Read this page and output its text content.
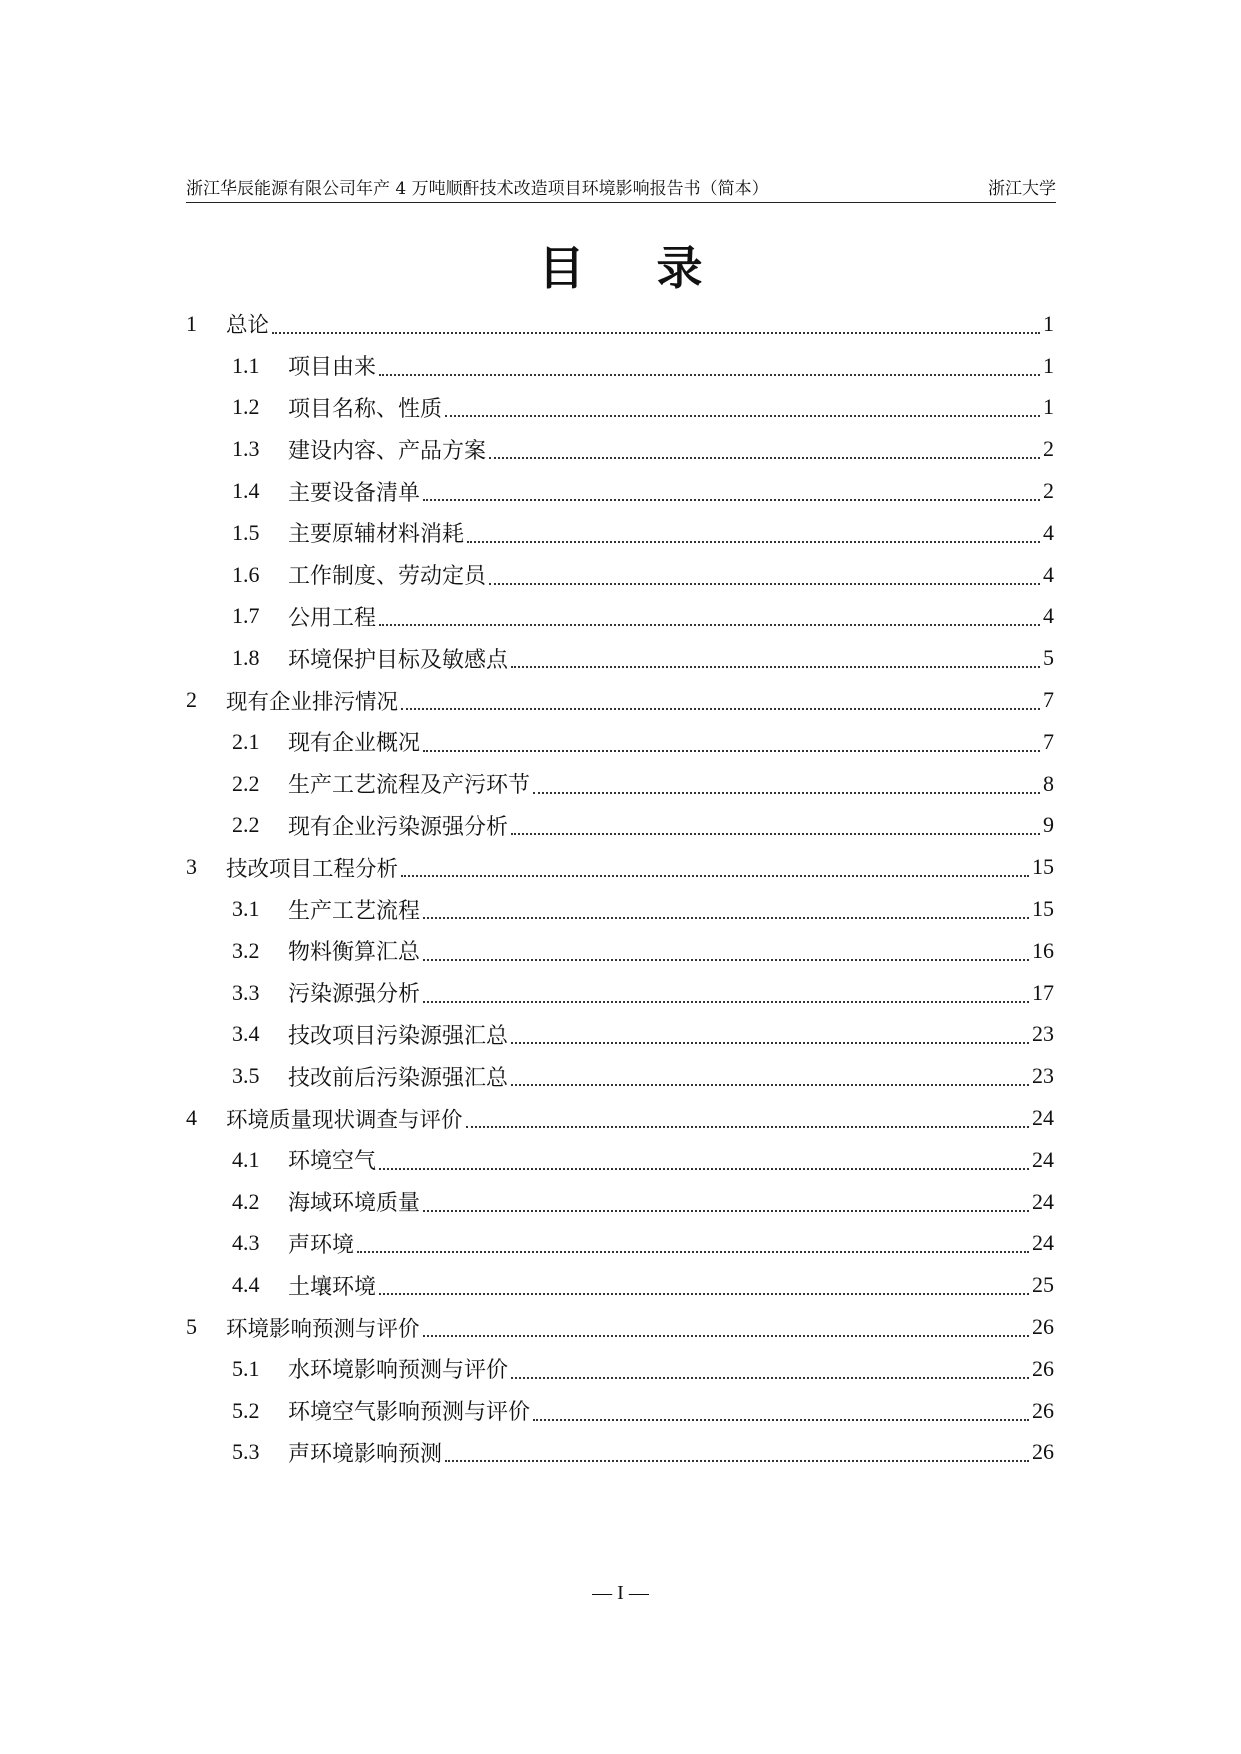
浙江华辰能源有限公司年产 4 万吨顺酐技术改造项目环境影响报告书（简本）	浙江大学
目录
1	总论	1
1.1	项目由来	1
1.2	项目名称、性质	1
1.3	建设内容、产品方案	2
1.4	主要设备清单	2
1.5	主要原辅材料消耗	4
1.6	工作制度、劳动定员	4
1.7	公用工程	4
1.8	环境保护目标及敏感点	5
2	现有企业排污情况	7
2.1	现有企业概况	7
2.2	生产工艺流程及产污环节	8
2.2	现有企业污染源强分析	9
3	技改项目工程分析	15
3.1	生产工艺流程	15
3.2	物料衡算汇总	16
3.3	污染源强分析	17
3.4	技改项目污染源强汇总	23
3.5	技改前后污染源强汇总	23
4	环境质量现状调查与评价	24
4.1	环境空气	24
4.2	海域环境质量	24
4.3	声环境	24
4.4	土壤环境	25
5	环境影响预测与评价	26
5.1	水环境影响预测与评价	26
5.2	环境空气影响预测与评价	26
5.3	声环境影响预测	26
— I —
